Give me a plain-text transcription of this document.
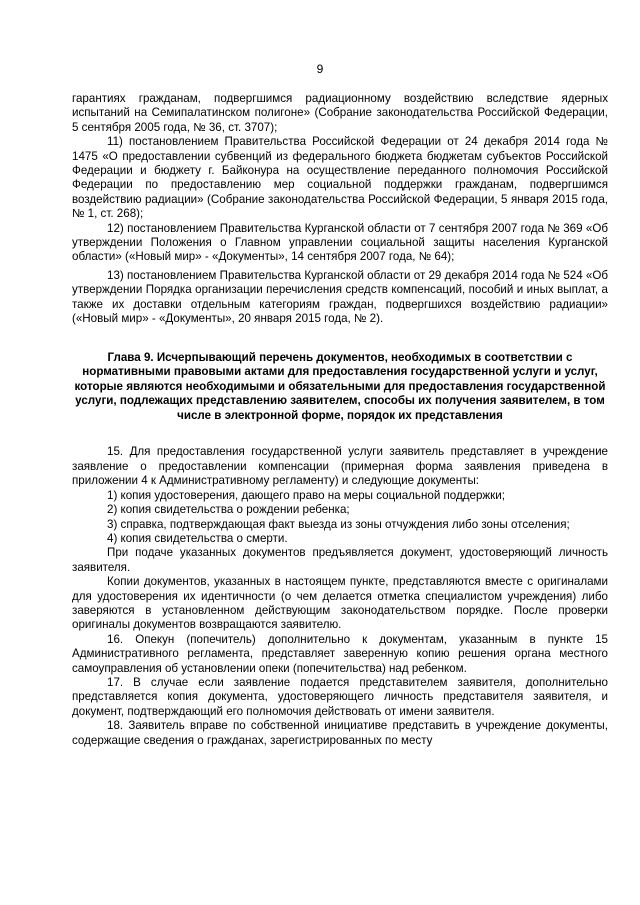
9

гарантиях гражданам, подвергшимся радиационному воздействию вследствие ядерных испытаний на Семипалатинском полигоне» (Собрание законодательства Российской Федерации, 5 сентября 2005 года, № 36, ст. 3707);

11) постановлением Правительства Российской Федерации от 24 декабря 2014 года № 1475 «О предоставлении субвенций из федерального бюджета бюджетам субъектов Российской Федерации и бюджету г. Байконура на осуществление переданного полномочия Российской Федерации по предоставлению мер социальной поддержки гражданам, подвергшимся воздействию радиации» (Собрание законодательства Российской Федерации, 5 января 2015 года, № 1, ст. 268);

12) постановлением Правительства Курганской области от 7 сентября 2007 года № 369 «Об утверждении Положения о Главном управлении социальной защиты населения Курганской области» («Новый мир» - «Документы», 14 сентября 2007 года, № 64);

13) постановлением Правительства Курганской области от 29 декабря 2014 года № 524 «Об утверждении Порядка организации перечисления средств компенсаций, пособий и иных выплат, а также их доставки отдельным категориям граждан, подвергшихся воздействию радиации» («Новый мир» - «Документы», 20 января 2015 года, № 2).

Глава 9. Исчерпывающий перечень документов, необходимых в соответствии с нормативными правовыми актами для предоставления государственной услуги и услуг, которые являются необходимыми и обязательными для предоставления государственной услуги, подлежащих представлению заявителем, способы их получения заявителем, в том числе в электронной форме, порядок их представления

15. Для предоставления государственной услуги заявитель представляет в учреждение заявление о предоставлении компенсации (примерная форма заявления приведена в приложении 4 к Административному регламенту) и следующие документы:

1) копия удостоверения, дающего право на меры социальной поддержки;

2) копия свидетельства о рождении ребенка;

3) справка, подтверждающая факт выезда из зоны отчуждения либо зоны отселения;

4) копия свидетельства о смерти.

При подаче указанных документов предъявляется документ, удостоверяющий личность заявителя.

Копии документов, указанных в настоящем пункте, представляются вместе с оригиналами для удостоверения их идентичности (о чем делается отметка специалистом учреждения) либо заверяются в установленном действующим законодательством порядке. После проверки оригиналы документов возвращаются заявителю.

16. Опекун (попечитель) дополнительно к документам, указанным в пункте 15 Административного регламента, представляет заверенную копию решения органа местного самоуправления об установлении опеки (попечительства) над ребенком.

17. В случае если заявление подается представителем заявителя, дополнительно представляется копия документа, удостоверяющего личность представителя заявителя, и документ, подтверждающий его полномочия действовать от имени заявителя.

18. Заявитель вправе по собственной инициативе представить в учреждение документы, содержащие сведения о гражданах, зарегистрированных по месту
